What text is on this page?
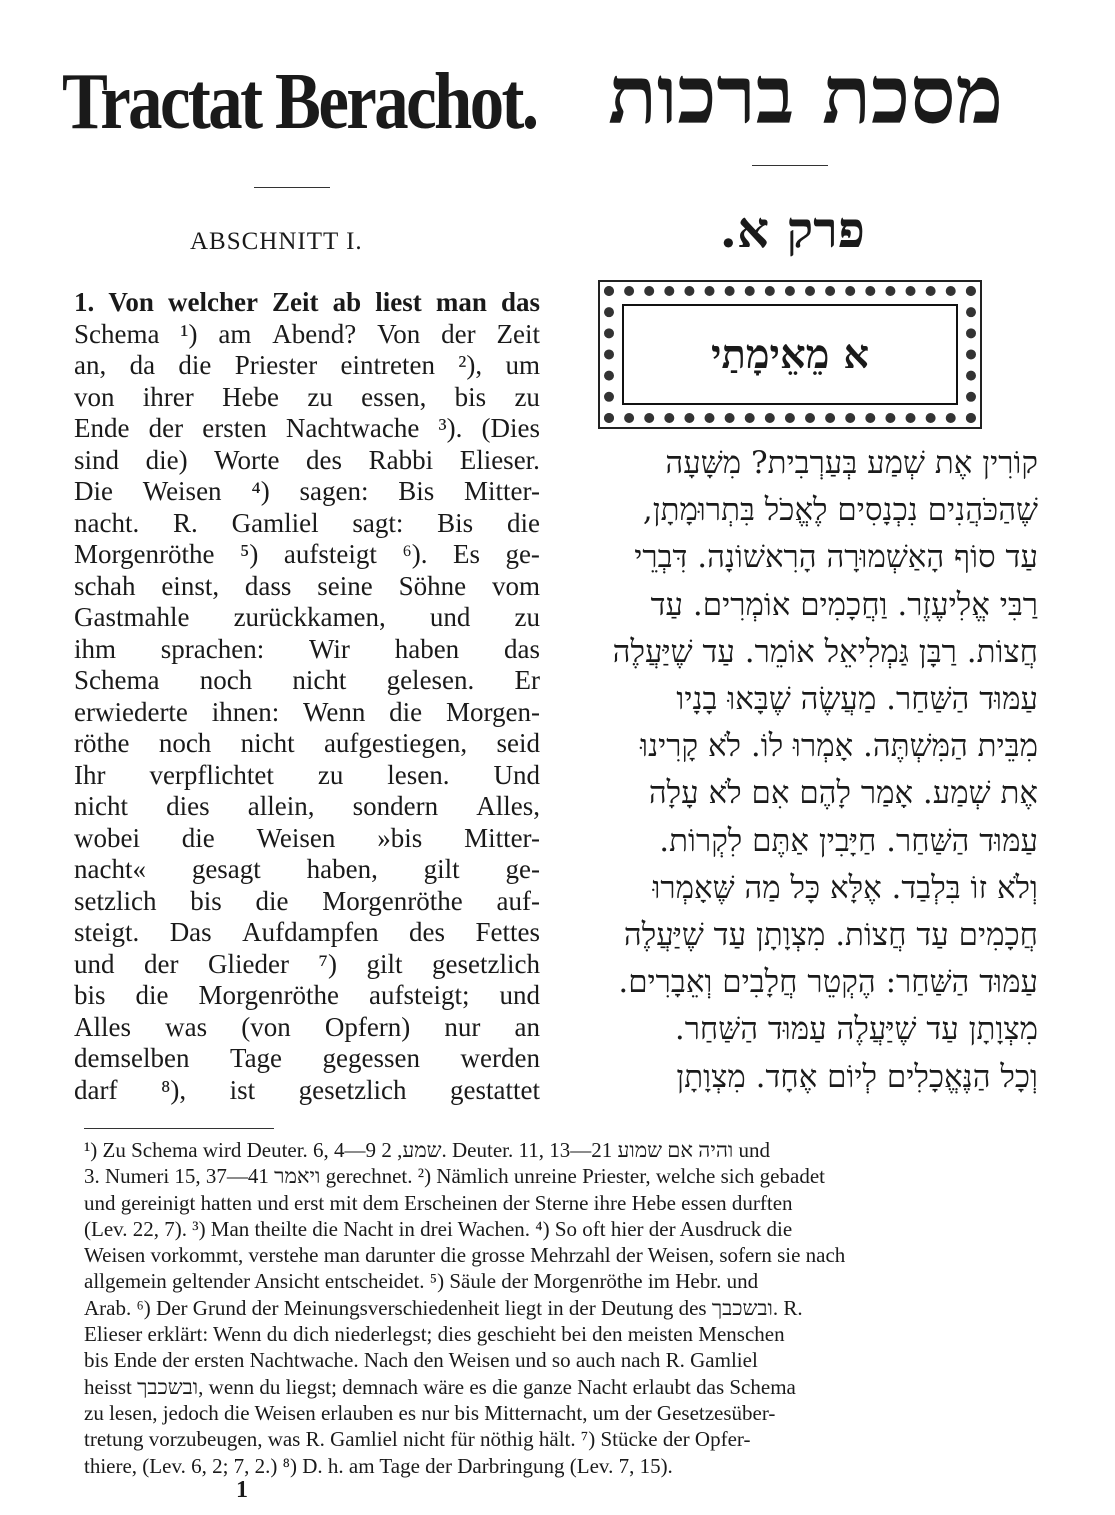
Tractat Berachot. מסכת ברכות
ABSCHNITT I.	פרק א.
א מֵאֵימָתַי
1. Von welcher Zeit ab liest man das
Schema ¹) am Abend? Von der Zeit
an, da die Priester eintreten ²), um
von ihrer Hebe zu essen, bis zu
Ende der ersten Nachtwache ³). (Dies
sind die) Worte des Rabbi Elieser.
Die Weisen ⁴) sagen: Bis Mitter-
nacht. R. Gamliel sagt: Bis die
Morgenröthe ⁵) aufsteigt ⁶). Es ge-
schah einst, dass seine Söhne vom
Gastmahle zurückkamen, und zu
ihm sprachen: Wir haben das
Schema noch nicht gelesen. Er
erwiederte ihnen: Wenn die Morgen-
röthe noch nicht aufgestiegen, seid
Ihr verpflichtet zu lesen. Und
nicht dies allein, sondern Alles,
wobei die Weisen »bis Mitter-
nacht« gesagt haben, gilt ge-
setzlich bis die Morgenröthe auf-
steigt. Das Aufdampfen des Fettes
und der Glieder ⁷) gilt gesetzlich
bis die Morgenröthe aufsteigt; und
Alles was (von Opfern) nur an
demselben Tage gegessen werden
darf ⁸), ist gesetzlich gestattet
קוֹרִין אֶת שְׁמַע בְּעַרְבִית? מִשָּׁעָה
שֶׁהַכֹּהֲנִים נִכְנָסִים לֶאֱכֹל בִּתְרוּמָתָן,
עַד סוֹף הָאַשְׁמוּרָה הָרִאשׁוֹנָה. דִּבְרֵי
רַבִּי אֱלִיעֶזֶר. וַחֲכָמִים אוֹמְרִים. עַד
חֲצוֹת. רַבָּן גַּמְלִיאֵל אוֹמֵר. עַד שֶׁיַּעֲלֶה
עַמּוּד הַשַּׁחַר. מַעֲשֶׂה שֶׁבָּאוּ בָנָיו
מִבֵּית הַמִּשְׁתֶּה. אָמְרוּ לוֹ. לֹא קָרִינוּ
אֶת שְׁמַע. אָמַר לָהֶם אִם לֹא עָלָה
עַמּוּד הַשַּׁחַר. חַיָּבִין אַתֶּם לִקְרוֹת.
וְלֹא זוֹ בִּלְבַד. אֶלָּא כָּל מַה שֶּׁאָמְרוּ
חֲכָמִים עַד חֲצוֹת. מִצְוָתָן עַד שֶׁיַּעֲלֶה
עַמּוּד הַשַּׁחַר: הֶקְטֵר חֲלָבִים וְאֵבָרִים.
מִצְוָתָן עַד שֶׁיַּעֲלֶה עַמּוּד הַשַּׁחַר.
וְכָל הַנֶּאֱכָלִים לְיוֹם אֶחָד. מִצְוָתָן
¹) Zu Schema wird Deuter. 6, 4—9 שמע, 2. Deuter. 11, 13—21 והיה אם שמוע und
3. Numeri 15, 37—41 ויאמר gerechnet. ²) Nämlich unreine Priester, welche sich gebadet
und gereinigt hatten und erst mit dem Erscheinen der Sterne ihre Hebe essen durften
(Lev. 22, 7). ³) Man theilte die Nacht in drei Wachen. ⁴) So oft hier der Ausdruck die
Weisen vorkommt, verstehe man darunter die grosse Mehrzahl der Weisen, sofern sie nach
allgemein geltender Ansicht entscheidet. ⁵) Säule der Morgenröthe im Hebr. und
Arab. ⁶) Der Grund der Meinungsverschiedenheit liegt in der Deutung des ובשכבך. R.
Elieser erklärt: Wenn du dich niederlegst; dies geschieht bei den meisten Menschen
bis Ende der ersten Nachtwache. Nach den Weisen und so auch nach R. Gamliel
heisst ובשכבך, wenn du liegst; demnach wäre es die ganze Nacht erlaubt das Schema
zu lesen, jedoch die Weisen erlauben es nur bis Mitternacht, um der Gesetzesüber-
tretung vorzubeugen, was R. Gamliel nicht für nöthig hält. ⁷) Stücke der Opfer-
thiere, (Lev. 6, 2; 7, 2.) ⁸) D. h. am Tage der Darbringung (Lev. 7, 15).
1
